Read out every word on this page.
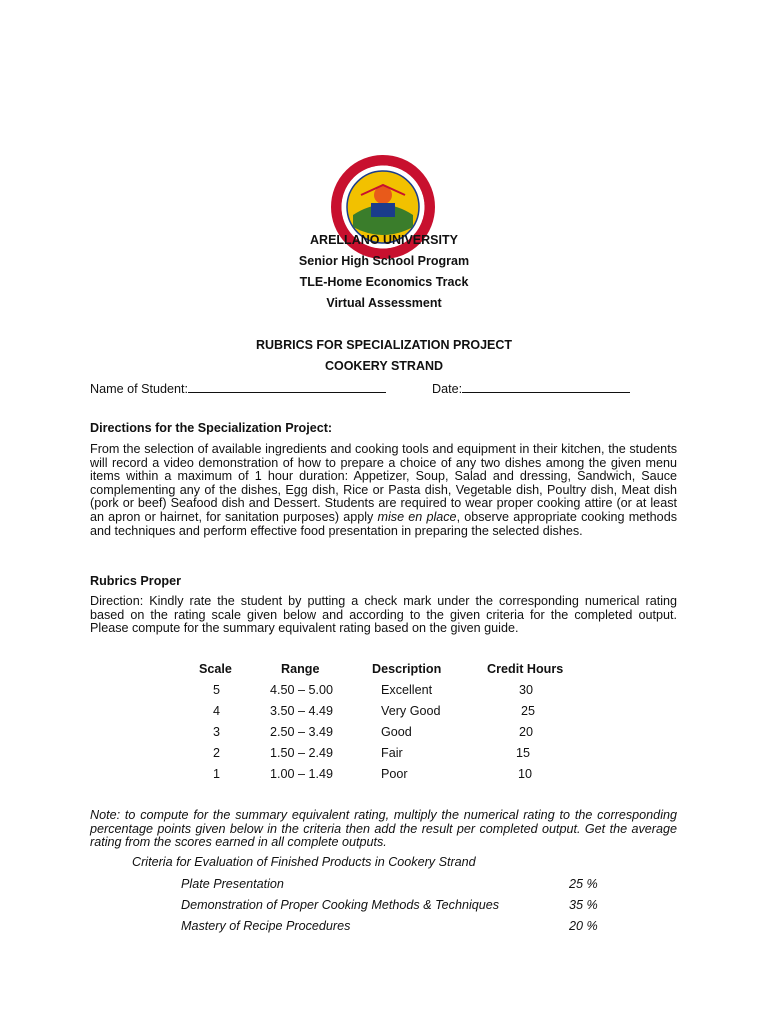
ARELLANO UNIVERSITY
Senior High School Program
TLE-Home Economics Track
Virtual Assessment
RUBRICS FOR SPECIALIZATION PROJECT
COOKERY STRAND
Name of Student:	Date:
Directions for the Specialization Project:
From the selection of available ingredients and cooking tools and equipment in their kitchen, the students will record a video demonstration of how to prepare a choice of any two dishes among the given menu items within a maximum of 1 hour duration: Appetizer, Soup, Salad and dressing, Sandwich, Sauce complementing any of the dishes, Egg dish, Rice or Pasta dish, Vegetable dish, Poultry dish, Meat dish (pork or beef) Seafood dish and Dessert. Students are required to wear proper cooking attire (or at least an apron or hairnet, for sanitation purposes) apply mise en place, observe appropriate cooking methods and techniques and perform effective food presentation in preparing the selected dishes.
Rubrics Proper
Direction: Kindly rate the student by putting a check mark under the corresponding numerical rating based on the rating scale given below and according to the given criteria for the completed output. Please compute for the summary equivalent rating based on the given guide.
Scale	Range	Description	Credit Hours
5	4.50 – 5.00	Excellent	30
4	3.50 – 4.49	Very Good	25
3	2.50 – 3.49	Good	20
2	1.50 – 2.49	Fair	15
1	1.00 – 1.49	Poor	10
Note: to compute for the summary equivalent rating, multiply the numerical rating to the corresponding percentage points given below in the criteria then add the result per completed output. Get the average rating from the scores earned in all complete outputs.
Criteria for Evaluation of Finished Products in Cookery Strand
Plate Presentation	25 %
Demonstration of Proper Cooking Methods & Techniques	35 %
Mastery of Recipe Procedures	20 %
